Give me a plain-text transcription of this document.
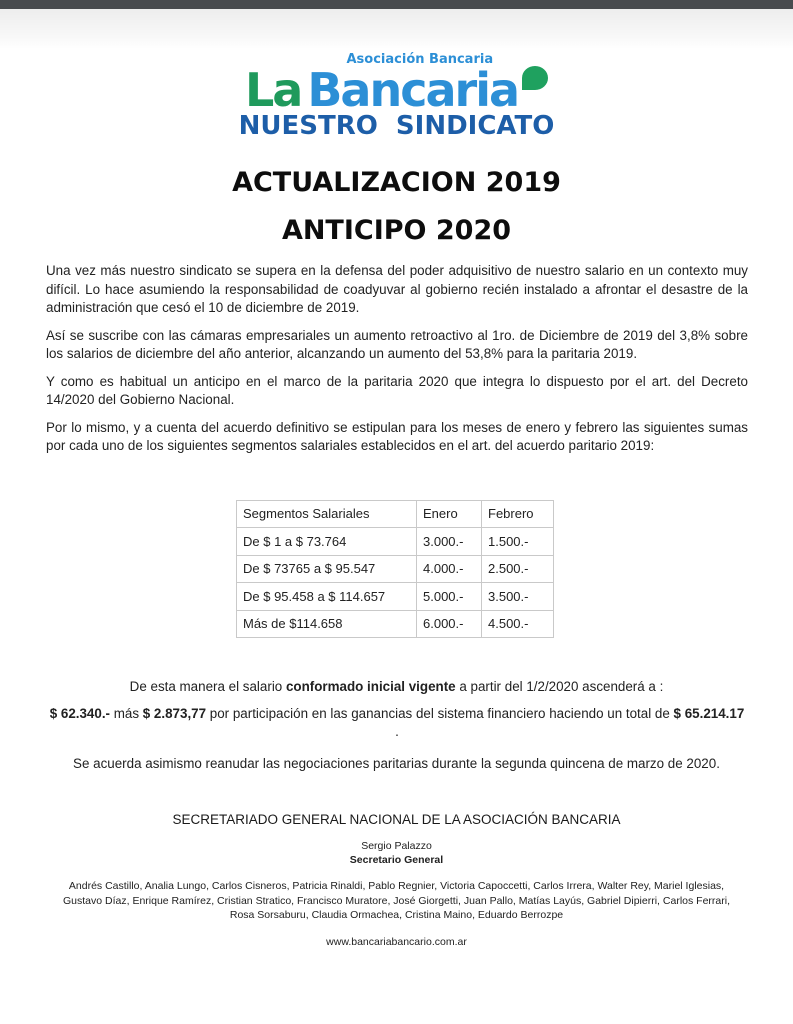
Asociación Bancaria
La Bancaria
NUESTRO  SINDICATO
ACTUALIZACION 2019
ANTICIPO 2020

Una vez más nuestro sindicato se supera en la defensa del poder adquisitivo de nuestro salario en un contexto muy difícil. Lo hace asumiendo la responsabilidad de coadyuvar al gobierno recién instalado a afrontar el desastre de la administración que cesó el 10 de diciembre de 2019.

Así se suscribe con las cámaras empresariales un aumento retroactivo al 1ro. de Diciembre de 2019 del 3,8% sobre los salarios de diciembre del año anterior, alcanzando un aumento del 53,8% para la paritaria 2019.

Y como es habitual un anticipo en el marco de la paritaria 2020 que integra lo dispuesto por el art. del Decreto 14/2020 del Gobierno Nacional.

Por lo mismo, y a cuenta del acuerdo definitivo se estipulan para los meses de enero y febrero las siguientes sumas por cada uno de los siguientes segmentos salariales establecidos en el art. del acuerdo paritario 2019:

Segmentos Salariales	Enero	Febrero
De $ 1 a $ 73.764	3.000.-	1.500.-
De $ 73765 a $ 95.547	4.000.-	2.500.-
De $ 95.458 a $ 114.657	5.000.-	3.500.-
Más de $114.658	6.000.-	4.500.-
De esta manera el salario conformado inicial vigente a partir del 1/2/2020 ascenderá a :
$ 62.340.- más $ 2.873,77 por participación en las ganancias del sistema financiero haciendo un total de $ 65.214.17 .
Se acuerda asimismo reanudar las negociaciones paritarias durante la segunda quincena de marzo de 2020.
SECRETARIADO GENERAL NACIONAL DE LA ASOCIACIÓN BANCARIA
Sergio Palazzo
Secretario General
Andrés Castillo, Analia Lungo, Carlos Cisneros, Patricia Rinaldi, Pablo Regnier, Victoria Capoccetti, Carlos Irrera, Walter Rey, Mariel Iglesias, Gustavo Díaz, Enrique Ramírez, Cristian Stratico, Francisco Muratore, José Giorgetti, Juan Pallo, Matías Layús, Gabriel Dipierri, Carlos Ferrari, Rosa Sorsaburu, Claudia Ormachea, Cristina Maino, Eduardo Berrozpe
www.bancariabancario.com.ar
